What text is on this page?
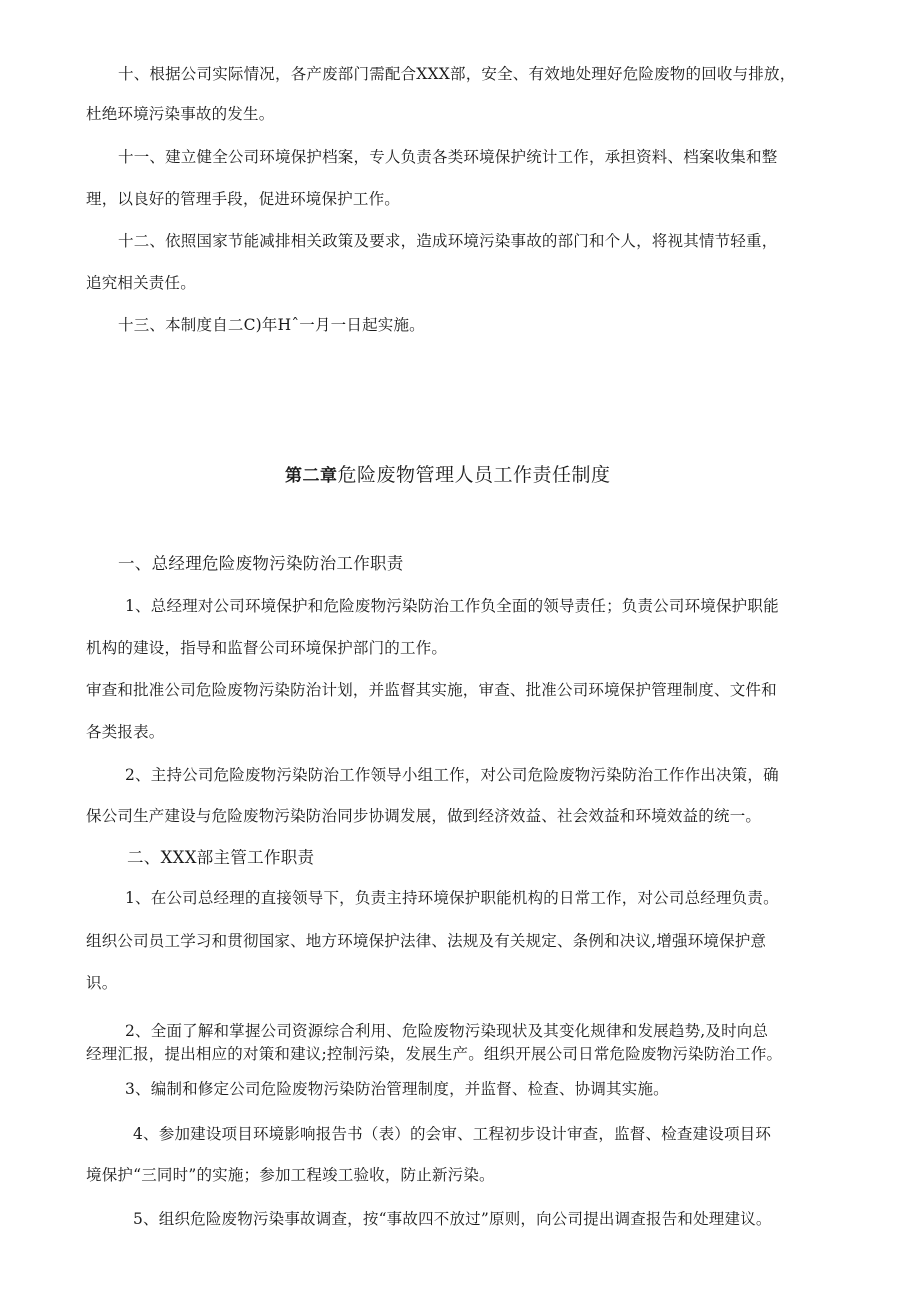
十、根据公司实际情况，各产废部门需配合XXX部，安全、有效地处理好危险废物的回收与排放，
杜绝环境污染事故的发生。
十一、建立健全公司环境保护档案，专人负责各类环境保护统计工作，承担资料、档案收集和整
理，以良好的管理手段，促进环境保护工作。
十二、依照国家节能减排相关政策及要求，造成环境污染事故的部门和个人，将视其情节轻重，
追究相关责任。
十三、本制度自二C)年Hˆ一月一日起实施。
第二章危险废物管理人员工作责任制度
一、总经理危险废物污染防治工作职责
1、总经理对公司环境保护和危险废物污染防治工作负全面的领导责任；负责公司环境保护职能
机构的建设，指导和监督公司环境保护部门的工作。
审查和批准公司危险废物污染防治计划，并监督其实施，审查、批准公司环境保护管理制度、文件和
各类报表。
2、主持公司危险废物污染防治工作领导小组工作，对公司危险废物污染防治工作作出决策，确
保公司生产建设与危险废物污染防治同步协调发展，做到经济效益、社会效益和环境效益的统一。
二、XXX部主管工作职责
1、在公司总经理的直接领导下，负责主持环境保护职能机构的日常工作，对公司总经理负责。
组织公司员工学习和贯彻国家、地方环境保护法律、法规及有关规定、条例和决议,增强环境保护意
识。
2、全面了解和掌握公司资源综合利用、危险废物污染现状及其变化规律和发展趋势,及时向总
经理汇报，提出相应的对策和建议;控制污染，发展生产。组织开展公司日常危险废物污染防治工作。
3、编制和修定公司危险废物污染防治管理制度，并监督、检查、协调其实施。
4、参加建设项目环境影响报告书（表）的会审、工程初步设计审查，监督、检查建设项目环
境保护“三同时”的实施；参加工程竣工验收，防止新污染。
5、组织危险废物污染事故调查，按“事故四不放过”原则，向公司提出调查报告和处理建议。
